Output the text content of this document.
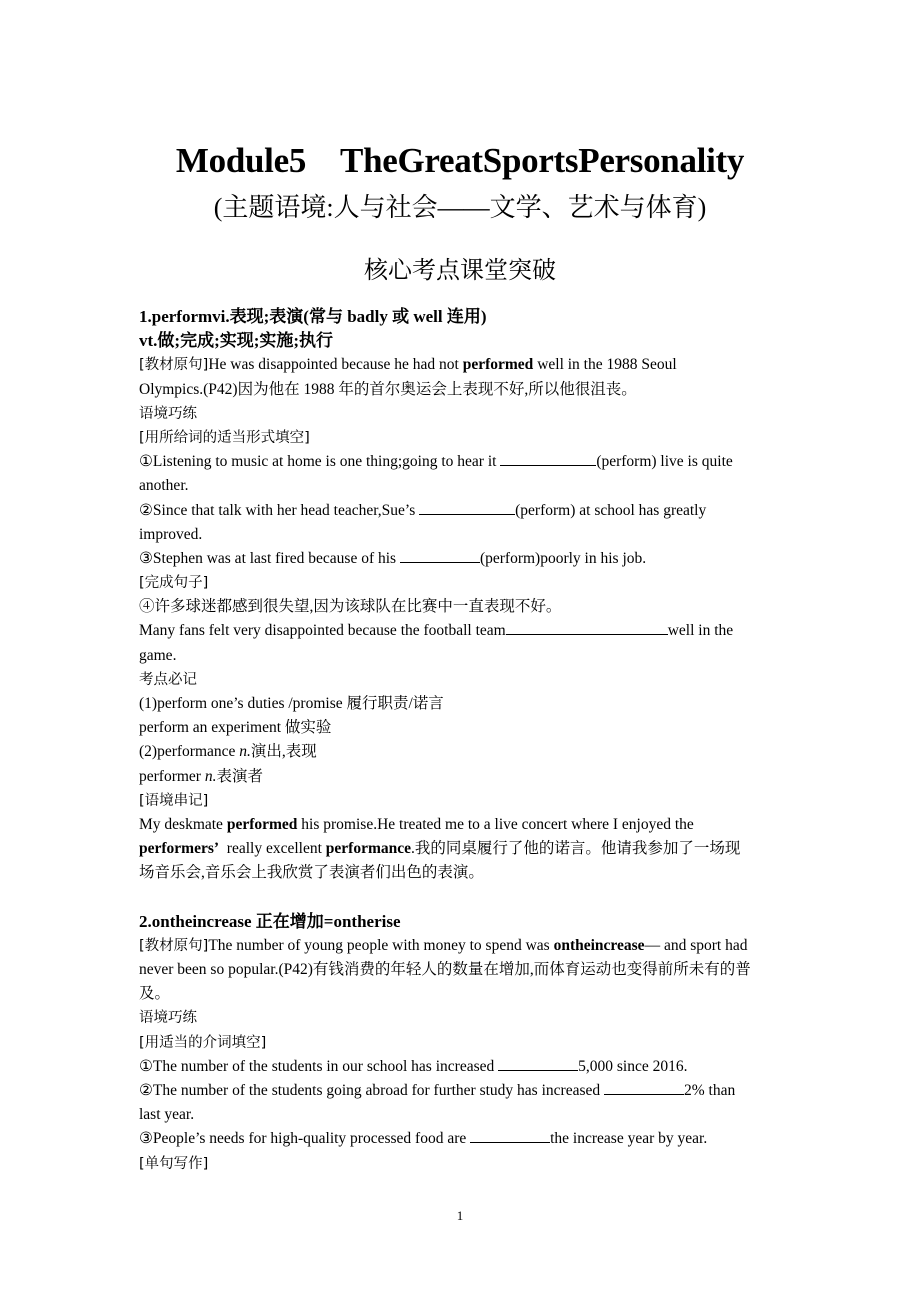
Module5 TheGreatSportsPersonality
(主题语境:人与社会——文学、艺术与体育)
核心考点课堂突破
1.performvi.表现;表演(常与 badly 或 well 连用)
vt.做;完成;实现;实施;执行
[教材原句]He was disappointed because he had not performed well in the 1988 Seoul
Olympics.(P42)因为他在 1988 年的首尔奥运会上表现不好,所以他很沮丧。
语境巧练
[用所给词的适当形式填空]
①Listening to music at home is one thing;going to hear it	(perform) live is quite
another.
②Since that talk with her head teacher,Sue’s	(perform) at school has greatly
improved.
③Stephen was at last fired because of his	(perform)poorly in his job.
[完成句子]
④许多球迷都感到很失望,因为该球队在比赛中一直表现不好。
Many fans felt very disappointed because the football team	well in the
game.
考点必记
(1)perform one’s duties /promise 履行职责/诺言
perform an experiment 做实验
(2)performance n.演出,表现
performer n.表演者
[语境串记]
My deskmate performed his promise.He treated me to a live concert where I enjoyed the
performers’  really excellent performance.我的同桌履行了他的诺言。他请我参加了一场现
场音乐会,音乐会上我欣赏了表演者们出色的表演。
2.ontheincrease 正在增加=ontherise
[教材原句]The number of young people with money to spend was ontheincrease— and sport had
never been so popular.(P42)有钱消费的年轻人的数量在增加,而体育运动也变得前所未有的普
及。
语境巧练
[用适当的介词填空]
①The number of the students in our school has increased	5,000 since 2016.
②The number of the students going abroad for further study has increased	2% than
last year.
③People’s needs for high-quality processed food are	the increase year by year.
[单句写作]
1
